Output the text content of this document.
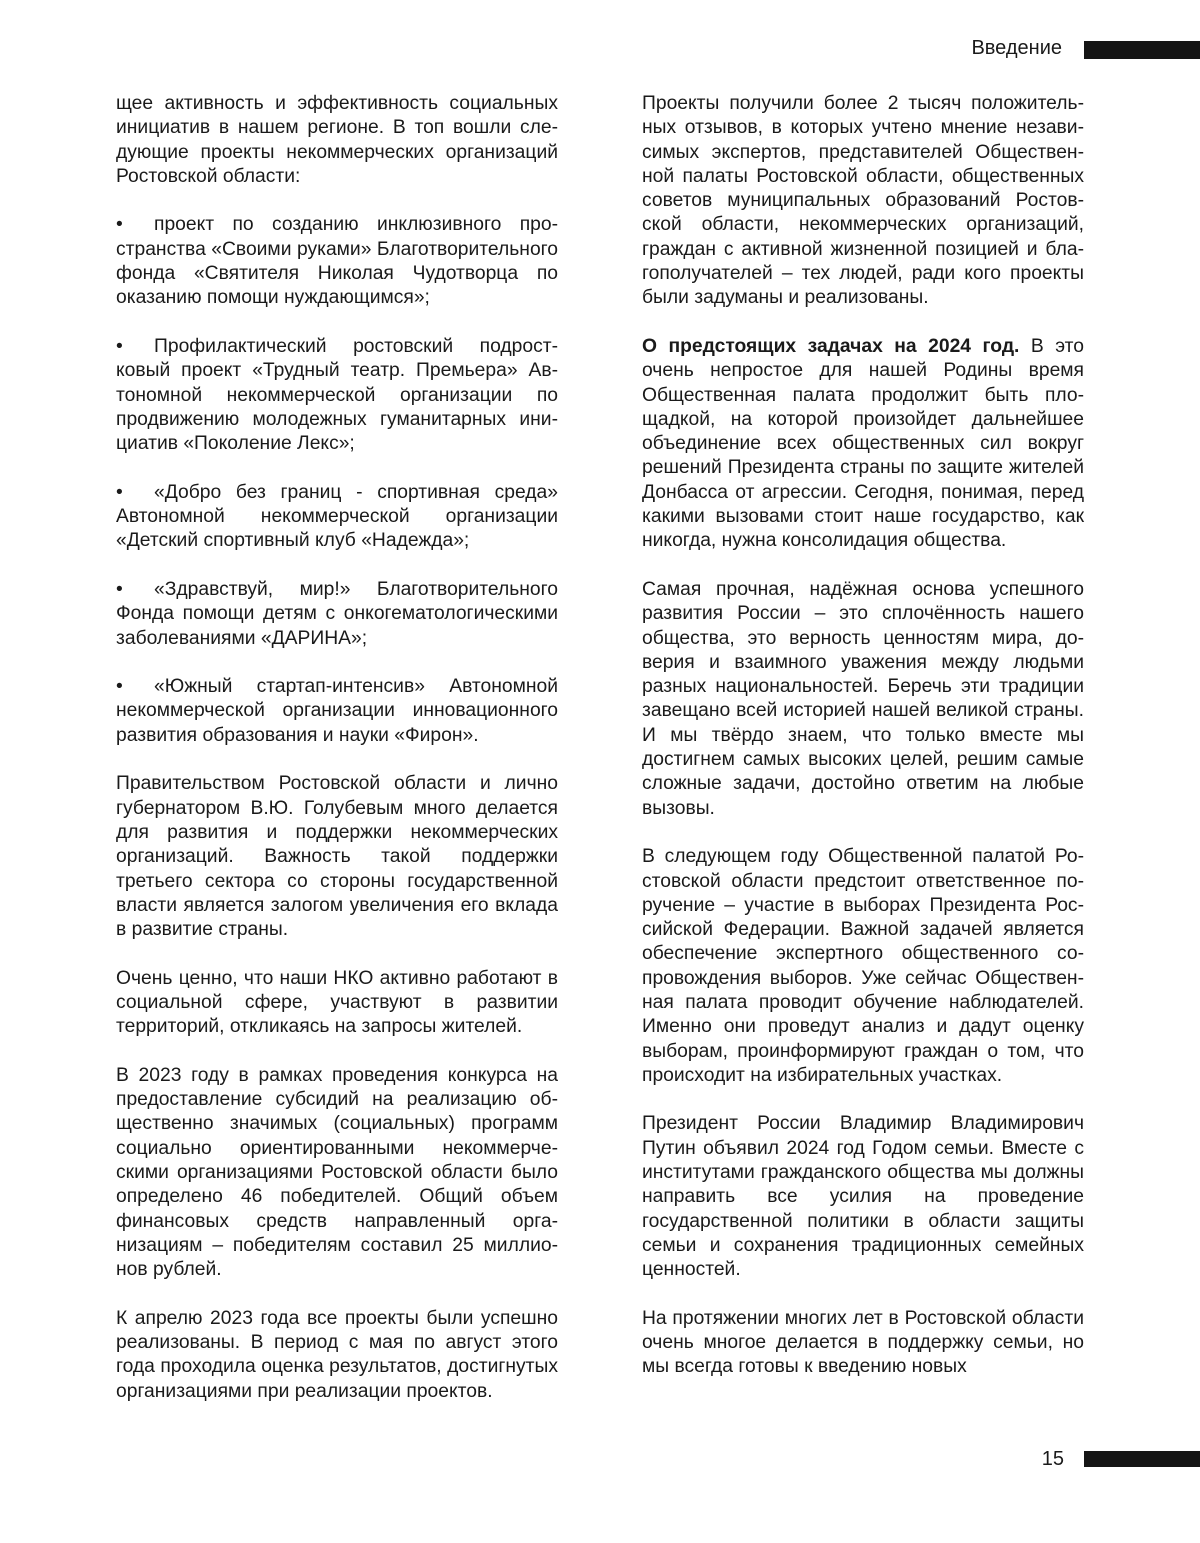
Введение

щее активность и эффективность социальных инициатив в нашем регионе. В топ вошли следующие проекты некоммерческих организаций Ростовской области:

• проект по созданию инклюзивного пространства «Своими руками» Благотворительного фонда «Святителя Николая Чудотворца по оказанию помощи нуждающимся»;

• Профилактический ростовский подростковый проект «Трудный театр. Премьера» Автономной некоммерческой организации по продвижению молодежных гуманитарных инициатив «Поколение Лекс»;

• «Добро без границ - спортивная среда» Автономной некоммерческой организации «Детский спортивный клуб «Надежда»;

• «Здравствуй, мир!» Благотворительного Фонда помощи детям с онкогематологическими заболеваниями «ДАРИНА»;

• «Южный стартап-интенсив» Автономной некоммерческой организации инновационного развития образования и науки «Фирон».

Правительством Ростовской области и лично губернатором В.Ю. Голубевым много делается для развития и поддержки некоммерческих организаций. Важность такой поддержки третьего сектора со стороны государственной власти является залогом увеличения его вклада в развитие страны.

Очень ценно, что наши НКО активно работают в социальной сфере, участвуют в развитии территорий, откликаясь на запросы жителей.

В 2023 году в рамках проведения конкурса на предоставление субсидий на реализацию общественно значимых (социальных) программ социально ориентированными некоммерческими организациями Ростовской области было определено 46 победителей. Общий объем финансовых средств направленный организациям – победителям составил 25 миллионов рублей.

К апрелю 2023 года все проекты были успешно реализованы. В период с мая по август этого года проходила оценка результатов, достигнутых организациями при реализации проектов.

Проекты получили более 2 тысяч положительных отзывов, в которых учтено мнение независимых экспертов, представителей Общественной палаты Ростовской области, общественных советов муниципальных образований Ростовской области, некоммерческих организаций, граждан с активной жизненной позицией и благополучателей – тех людей, ради кого проекты были задуманы и реализованы.

О предстоящих задачах на 2024 год. В это очень непростое для нашей Родины время Общественная палата продолжит быть площадкой, на которой произойдет дальнейшее объединение всех общественных сил вокруг решений Президента страны по защите жителей Донбасса от агрессии. Сегодня, понимая, перед какими вызовами стоит наше государство, как никогда, нужна консолидация общества.

Самая прочная, надёжная основа успешного развития России – это сплочённость нашего общества, это верность ценностям мира, доверия и взаимного уважения между людьми разных национальностей. Беречь эти традиции завещано всей историей нашей великой страны. И мы твёрдо знаем, что только вместе мы достигнем самых высоких целей, решим самые сложные задачи, достойно ответим на любые вызовы.

В следующем году Общественной палатой Ростовской области предстоит ответственное поручение – участие в выборах Президента Российской Федерации. Важной задачей является обеспечение экспертного общественного сопровождения выборов. Уже сейчас Общественная палата проводит обучение наблюдателей. Именно они проведут анализ и дадут оценку выборам, проинформируют граждан о том, что происходит на избирательных участках.

Президент России Владимир Владимирович Путин объявил 2024 год Годом семьи. Вместе с институтами гражданского общества мы должны направить все усилия на проведение государственной политики в области защиты семьи и сохранения традиционных семейных ценностей.

На протяжении многих лет в Ростовской области очень многое делается в поддержку семьи, но мы всегда готовы к введению новых

15
